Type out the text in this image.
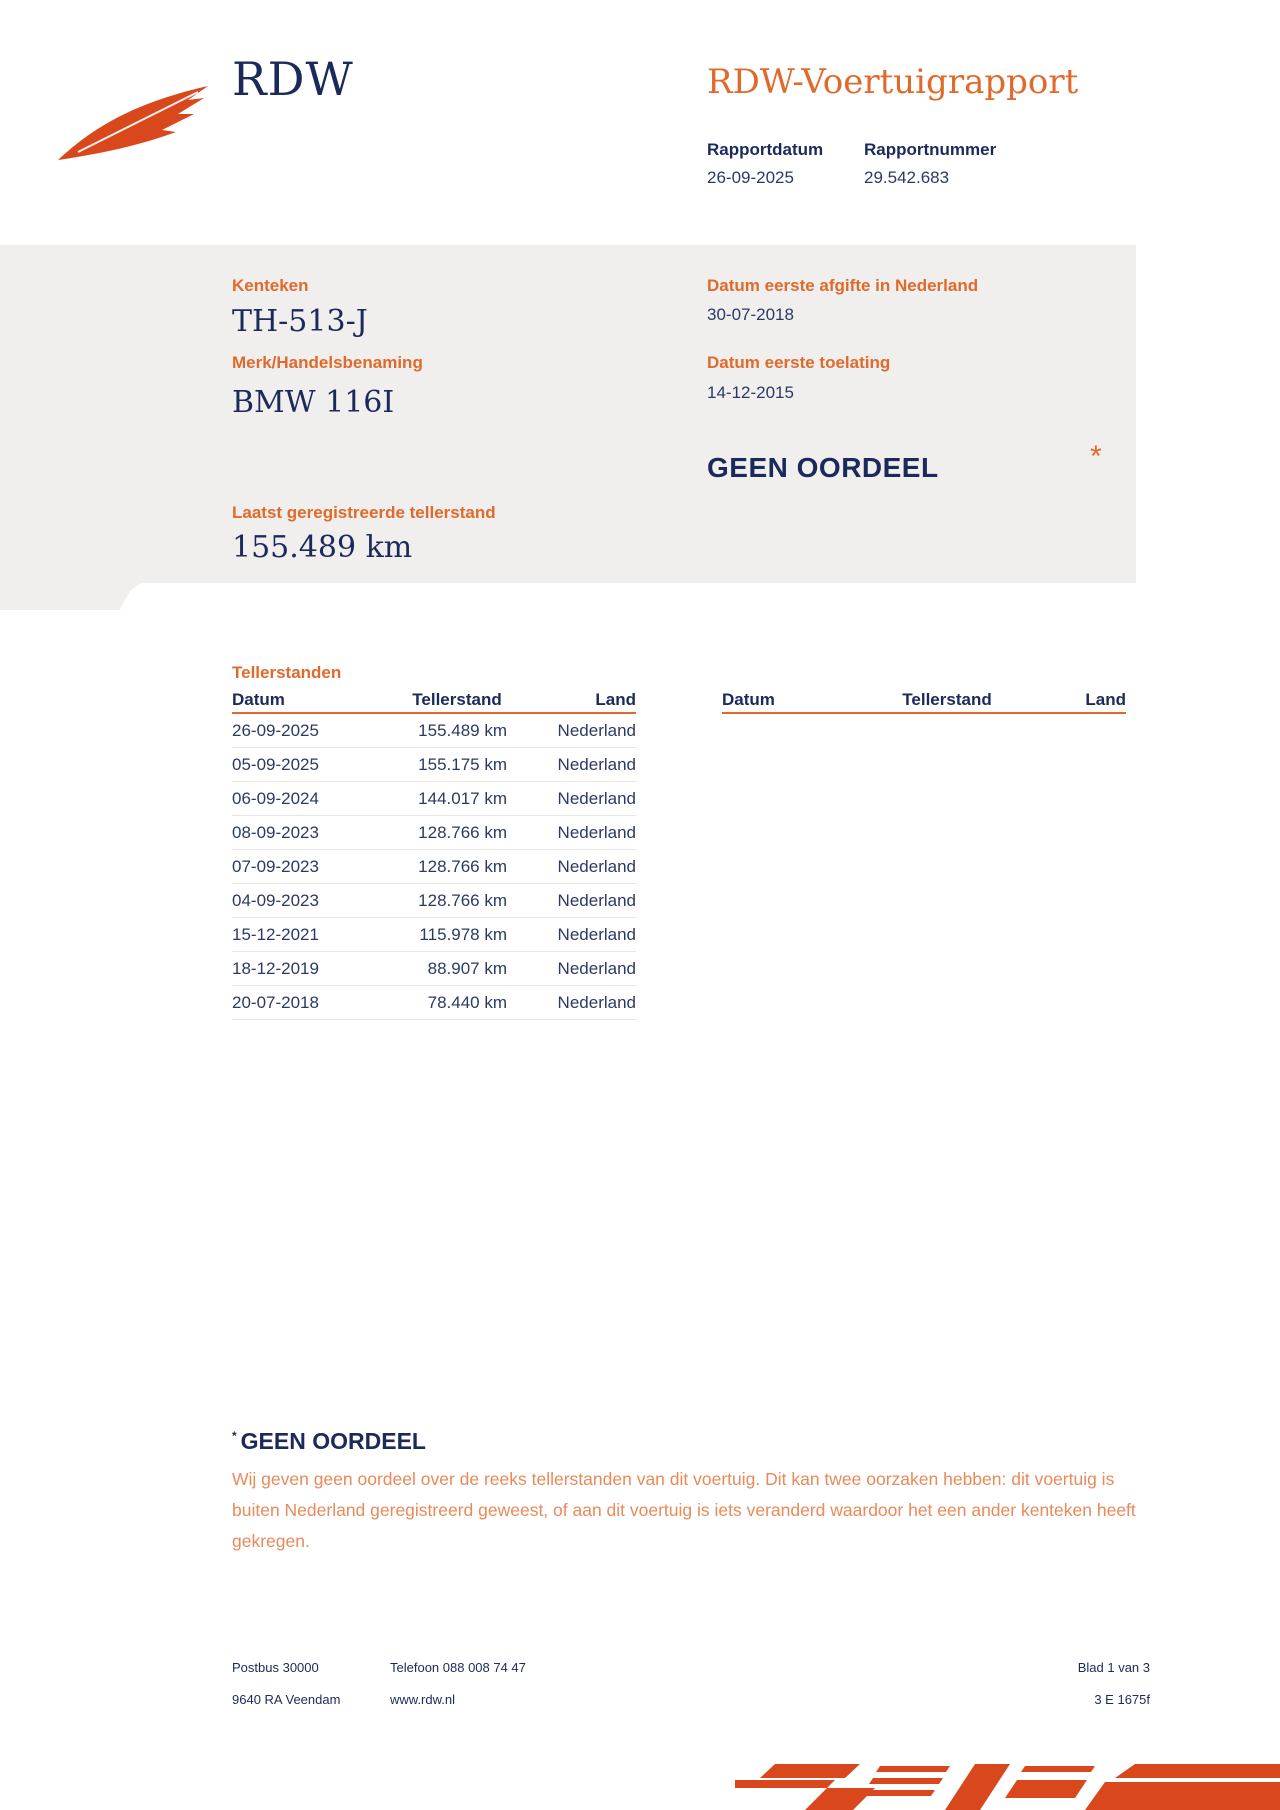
RDW	RDW-Voertuigrapport
Rapportdatum
26-09-2025
Rapportnummer
29.542.683
Kenteken
TH-513-J
Merk/Handelsbenaming
BMW 116I
Laatst geregistreerde tellerstand
155.489 km
Datum eerste afgifte in Nederland
30-07-2018
Datum eerste toelating
14-12-2015
GEEN OORDEEL	*
Tellerstanden
Datum	Tellerstand	Land
26-09-2025	155.489 km	Nederland
05-09-2025	155.175 km	Nederland
06-09-2024	144.017 km	Nederland
08-09-2023	128.766 km	Nederland
07-09-2023	128.766 km	Nederland
04-09-2023	128.766 km	Nederland
15-12-2021	115.978 km	Nederland
18-12-2019	88.907 km	Nederland
20-07-2018	78.440 km	Nederland
Datum	Tellerstand	Land
* GEEN OORDEEL
Wij geven geen oordeel over de reeks tellerstanden van dit voertuig. Dit kan twee oorzaken hebben: dit voertuig is buiten Nederland geregistreerd geweest, of aan dit voertuig is iets veranderd waardoor het een ander kenteken heeft gekregen.
Postbus 30000
9640 RA Veendam
Telefoon 088 008 74 47
www.rdw.nl
Blad 1 van 3
3 E 1675f
